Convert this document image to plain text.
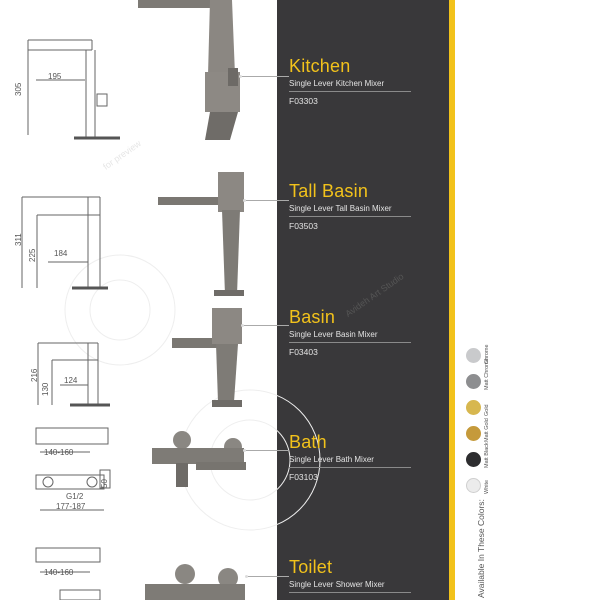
305
195
311
225 184
216
130
124
140-160
G1/2
50
177-187
140-160
Kitchen
Single Lever Kitchen Mixer
F03303
Tall Basin
Single Lever Tall Basin Mixer
F03503
Basin
Single Lever Basin Mixer
F03403
Bath
Single Lever Bath Mixer
F03103
Toilet
Single Lever Shower Mixer
Chrome
Matt Chrome
Gold
Matt Gold
Matt Black
White
Available In These Colors:
for preview
Avideh Art Studio
